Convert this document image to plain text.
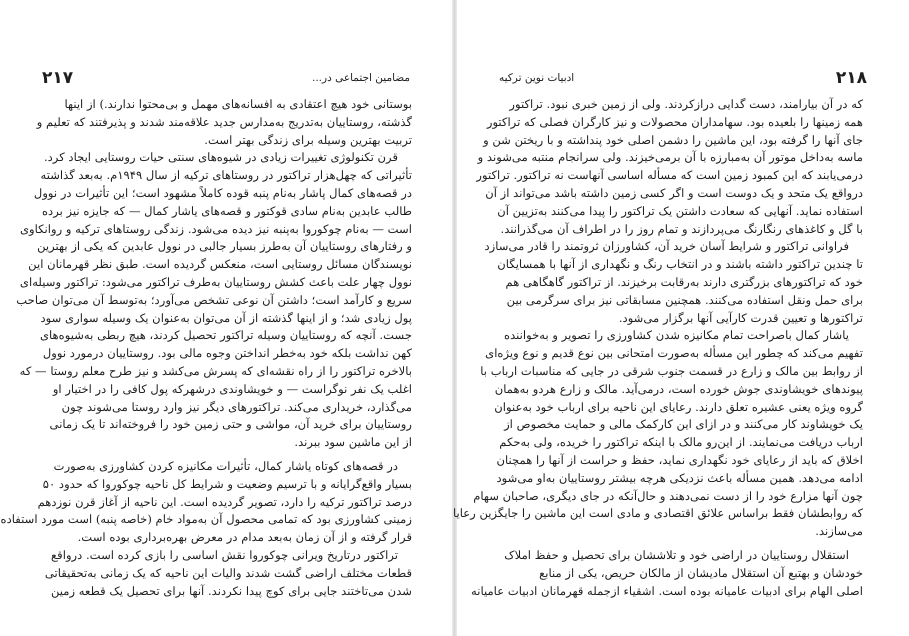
۲۱۷	مضامین اجتماعی در...
بوستانی خود هیچ اعتقادی به افسانه‌های مهمل و بی‌محتوا ندارند.) از اینها
گذشته، روستاییان به‌تدریج به‌مدارس جدید علاقه‌مند شدند و پذیرفتند که تعلیم و
تربیت بهترین وسیله برای زندگی بهتر است.
قرن تکنولوژی تغییرات زیادی در شیوه‌های سنتی حیات روستایی ایجاد کرد.
تأثیراتی که چهل‌هزار تراکتور در روستاهای ترکیه از سال ۱۹۴۹م. به‌بعد گذاشته
در قصه‌های کمال پاشار به‌نام پنبه قوده کاملاً مشهود است؛ این تأثیرات در نوول
طالب عابدین به‌نام سادی قوکتور و قصه‌های یاشار کمال — که جایزه نیز برده
است — به‌نام چوکوروا به‌پنبه نیز دیده می‌شود. زندگی روستاهای ترکیه و روانکاوی
و رفتارهای روستاییان آن به‌طرز بسیار جالبی در نوول عابدین که یکی از بهترین
نویسندگان مسائل روستایی است، منعکس گردیده است. طبق نظر قهرمانان این
نوول چهار علت باعث کشش روستاییان به‌طرف تراکتور می‌شود: تراکتور وسیله‌ای
سریع و کارآمد است؛ داشتن آن نوعی تشخص می‌آورد؛ به‌توسط آن می‌توان صاحب
پول زیادی شد؛ و از اینها گذشته از آن می‌توان به‌عنوان یک وسیله سواری سود
جست. آنچه که روستاییان وسیله تراکتور تحصیل کردند، هیچ ربطی به‌شیوه‌های
کهن نداشت بلکه خود به‌خطر انداختن وجوه مالی بود. روستاییان درمورد نوول
بالاخره تراکتور را از راه نقشه‌ای که پسرش می‌کشد و نیز طرح معلم روستا — که
اغلب یک نفر نوگراست — و خویشاوندی درشهرکه پول کافی را در اختیار او
می‌گذارد، خریداری می‌کند. تراکتورهای دیگر نیز وارد روستا می‌شوند چون
روستاییان برای خرید آن، مواشی و حتی زمین خود را فروخته‌اند تا یک زمانی
از این ماشین سود ببرند.
در قصه‌های کوتاه یاشار کمال، تأثیرات مکانیزه کردن کشاورزی به‌صورت
بسیار واقع‌گرایانه و با ترسیم وضعیت و شرایط کل ناحیه چوکوروا که حدود ۵۰
درصد تراکتور ترکیه را دارد، تصویر گردیده است. این ناحیه از آغاز قرن نوزدهم
زمینی کشاورزی بود که تمامی محصول آن به‌مواد خام (خاصه پنبه) است مورد استفاده
قرار گرفته و از آن زمان به‌بعد مدام در معرض بهره‌برداری بوده است.
تراکتور درتاریخ ویرانی چوکوروا نقش اساسی را بازی کرده است. درواقع
قطعات مختلف اراضی گشت شدند والیات این ناحیه که یک زمانی به‌تحقیقاتی
شدن می‌تاختند جایی برای کوچ پیدا نکردند. آنها برای تحصیل یک قطعه زمین
۲۱۸
ادبیات نوین ترکیه
که در آن بیارامند، دست گدایی درازکردند. ولی از زمین خبری نبود. تراکتور
همه زمینها را بلعیده بود. سهامداران محصولات و نیز کارگران فصلی که تراکتور
جای آنها را گرفته بود، این ماشین را دشمن اصلی خود پنداشته و با ریختن شن و
ماسه به‌داخل موتور آن به‌مبارزه با آن برمی‌خیزند. ولی سرانجام منتبه می‌شوند و
درمی‌یابند که این کمبود زمین است که مسأله اساسی آنهاست نه تراکتور. تراکتور
درواقع یک متحد و یک دوست است و اگر کسی زمین داشته باشد می‌تواند از آن
استفاده نماید. آنهایی که سعادت داشتن یک تراکتور را پیدا می‌کنند به‌تزیین آن
با گل و کاغذهای رنگارنگ می‌پردازند و تمام روز را در اطراف آن می‌گذرانند.
فراوانی تراکتور و شرایط آسان خرید آن، کشاورزان ثروتمند را قادر می‌سازد
تا چندین تراکتور داشته باشند و در انتخاب رنگ و نگهداری از آنها با همسایگان
خود که تراکتورهای بزرگتری دارند به‌رقابت برخیزند. از تراکتور گاهگاهی هم
برای حمل ونقل استفاده می‌کنند. همچنین مسابقاتی نیز برای سرگرمی بین
تراکتورها و تعیین قدرت کارآیی آنها برگزار می‌شود.
یاشار کمال باصراحت تمام مکانیزه شدن کشاورزی را تصویر و به‌خواننده
تفهیم می‌کند که چطور این مسأله به‌صورت امتحانی بین نوع قدیم و نوع ویژه‌ای
از روابط بین مالک و زارع در قسمت جنوب شرقی در جایی که مناسبات ارباب با
پیوندهای خویشاوندی جوش خورده است، درمی‌آید. مالک و زارع هردو به‌همان
گروه ویژه یعنی عشیره تعلق دارند. رعایای این ناحیه برای ارباب خود به‌عنوان
یک خویشاوند کار می‌کنند و در ازای این کارکمک مالی و حمایت مخصوص از
ارباب دریافت می‌نمایند. از این‌رو مالک با اینکه تراکتور را خریده، ولی به‌حکم
اخلاق که باید از رعایای خود نگهداری نماید، حفظ و حراست از آنها را همچنان
ادامه می‌دهد. همین مسأله باعث نزدیکی هرچه بیشتر روستاییان به‌او می‌شود
چون آنها مزارع خود را از دست نمی‌دهند و حال‌آنکه در جای دیگری، صاحبان سهام
که روابطشان فقط براساس علائق اقتصادی و مادی است این ماشین را جایگزین رعایا
می‌سازند.
استقلال روستاییان در اراضی خود و تلاششان برای تحصیل و حفظ املاک
خودشان و بهتبع آن استقلال مادیشان از مالکان حریص، یکی از منابع
اصلی الهام برای ادبیات عامیانه بوده است. اشقیاء ازجمله قهرمانان ادبیات عامیانه
